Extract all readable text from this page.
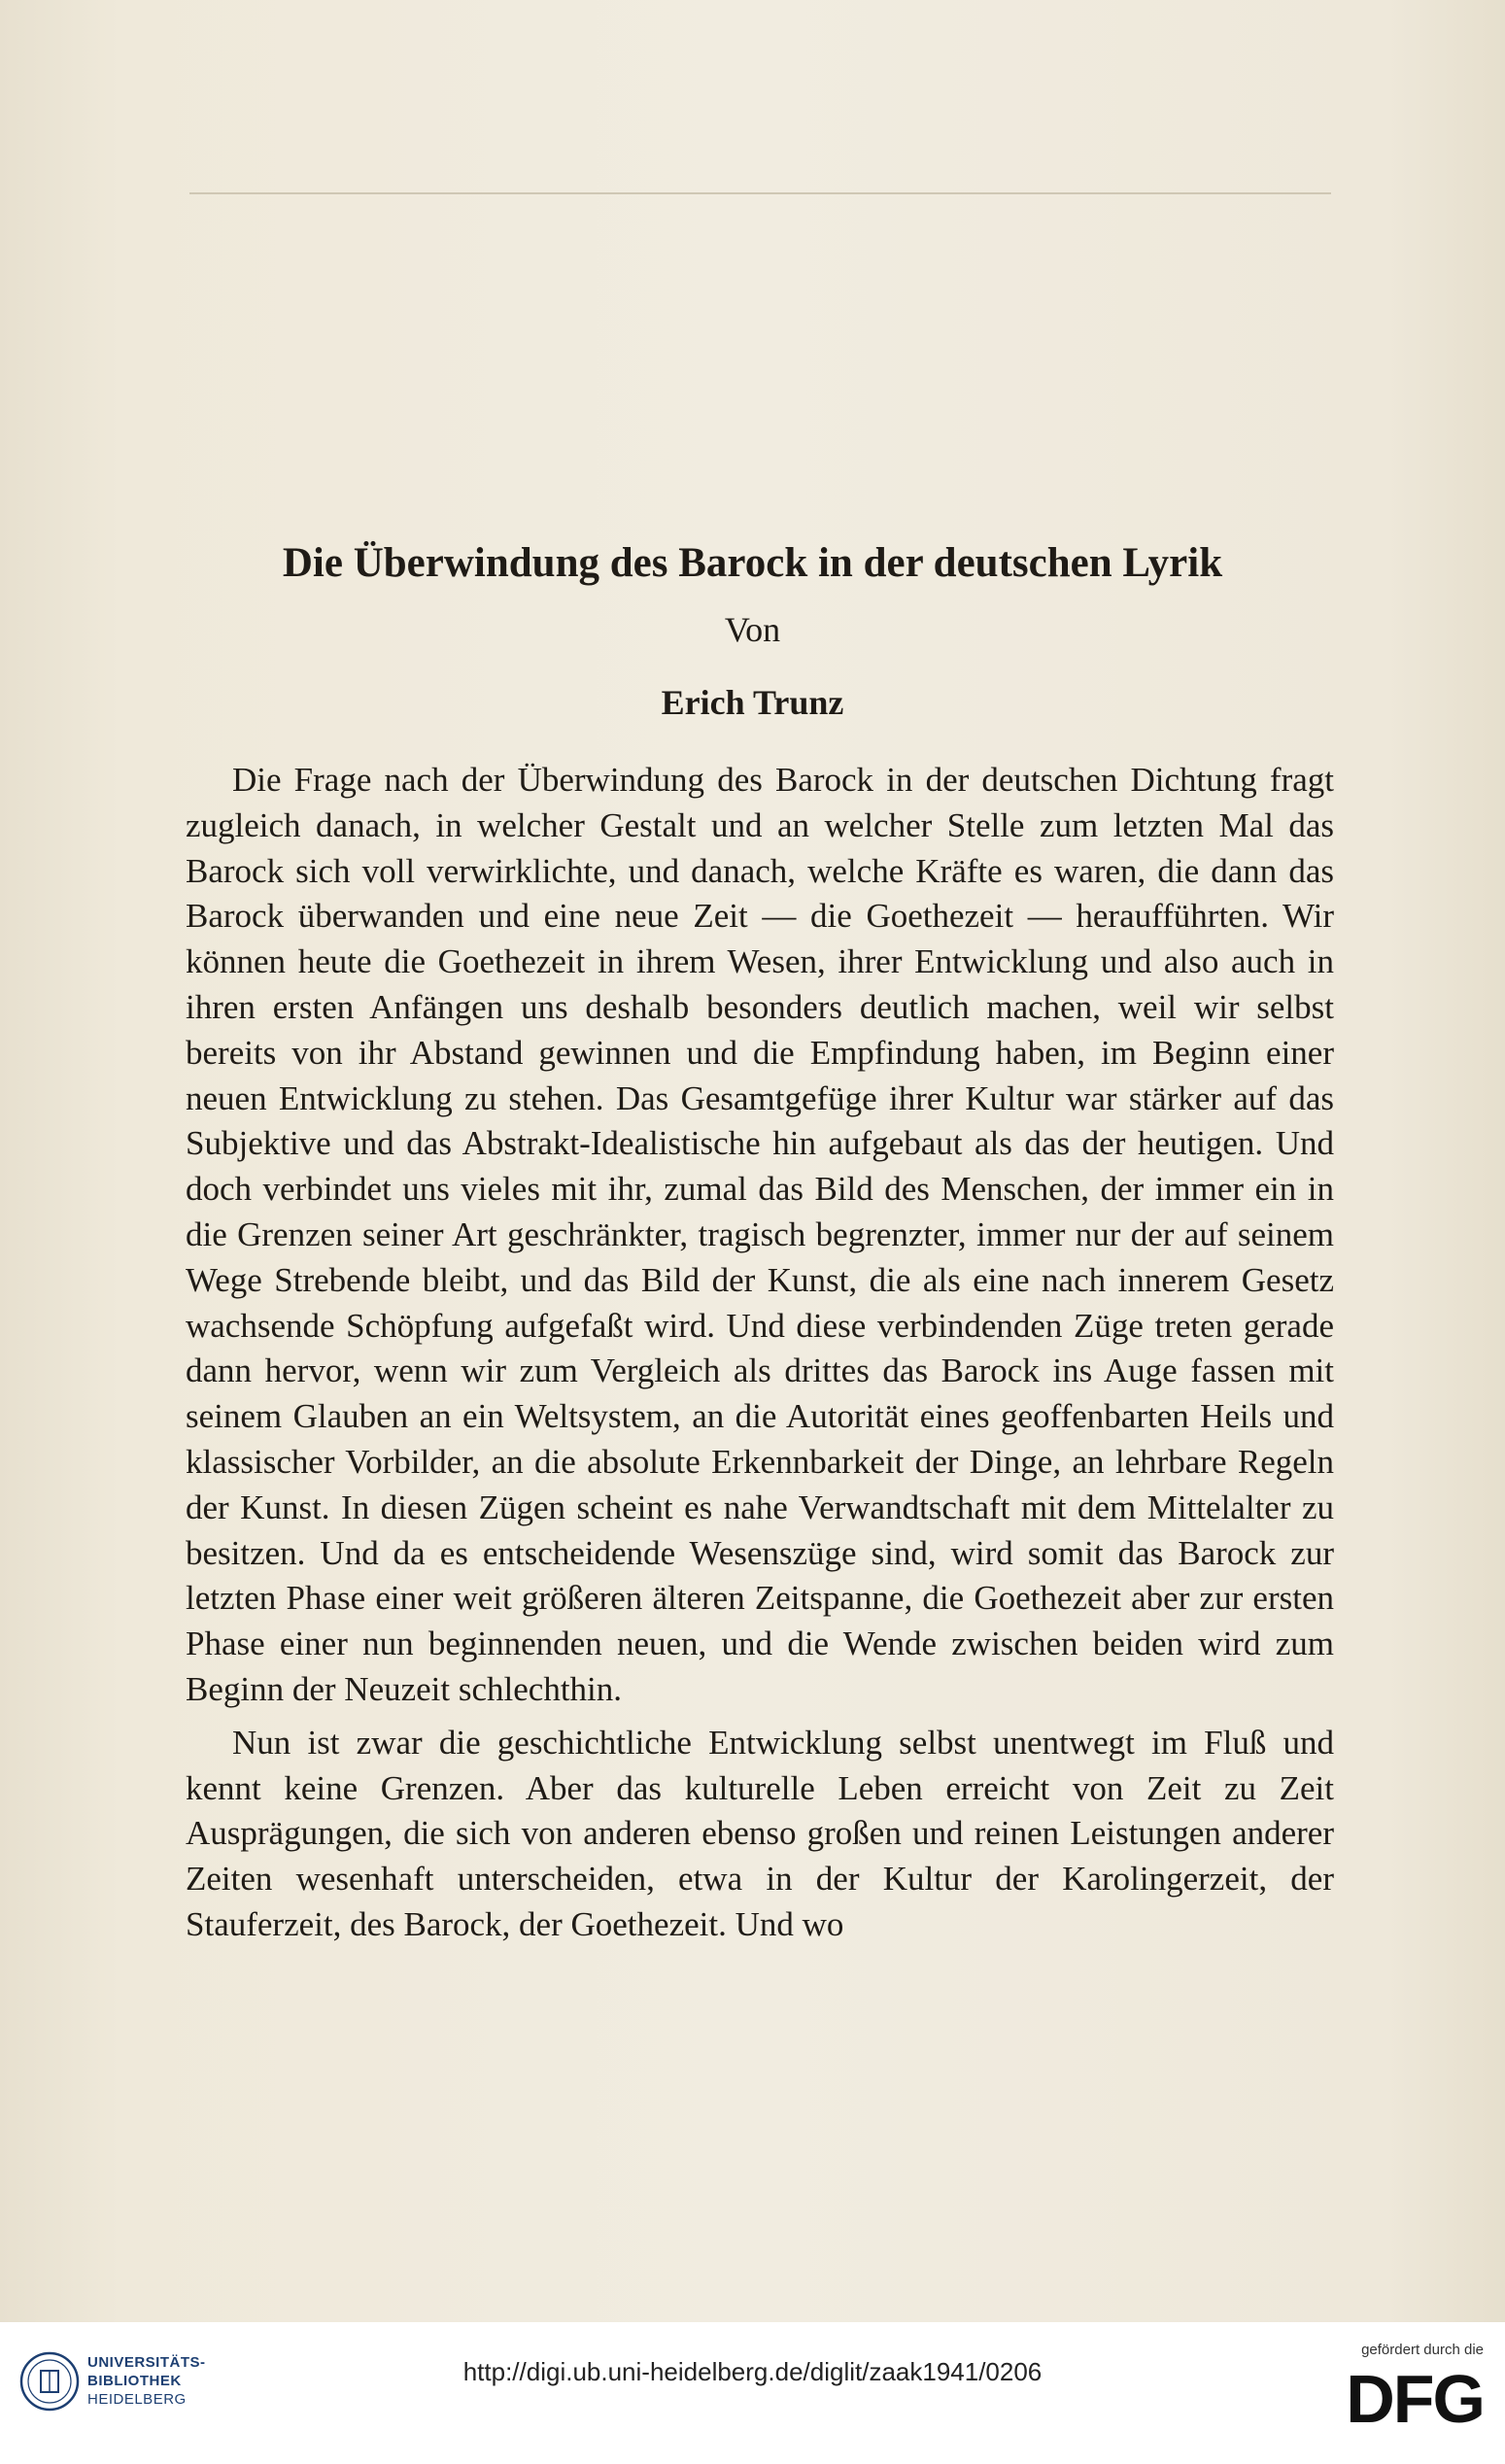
Die Überwindung des Barock in der deutschen Lyrik
Von
Erich Trunz

Die Frage nach der Überwindung des Barock in der deutschen Dichtung fragt zugleich danach, in welcher Gestalt und an welcher Stelle zum letzten Mal das Barock sich voll verwirklichte, und danach, welche Kräfte es waren, die dann das Barock überwanden und eine neue Zeit — die Goethezeit — heraufführten. Wir können heute die Goethezeit in ihrem Wesen, ihrer Entwicklung und also auch in ihren ersten Anfängen uns deshalb besonders deutlich machen, weil wir selbst bereits von ihr Abstand gewinnen und die Empfindung haben, im Beginn einer neuen Entwicklung zu stehen. Das Gesamtgefüge ihrer Kultur war stärker auf das Subjektive und das Abstrakt-Idealistische hin aufgebaut als das der heutigen. Und doch verbindet uns vieles mit ihr, zumal das Bild des Menschen, der immer ein in die Grenzen seiner Art geschränkter, tragisch begrenzter, immer nur der auf seinem Wege Strebende bleibt, und das Bild der Kunst, die als eine nach innerem Gesetz wachsende Schöpfung aufgefaßt wird. Und diese verbindenden Züge treten gerade dann hervor, wenn wir zum Vergleich als drittes das Barock ins Auge fassen mit seinem Glauben an ein Weltsystem, an die Autorität eines geoffenbarten Heils und klassischer Vorbilder, an die absolute Erkennbarkeit der Dinge, an lehrbare Regeln der Kunst. In diesen Zügen scheint es nahe Verwandtschaft mit dem Mittelalter zu besitzen. Und da es entscheidende Wesenszüge sind, wird somit das Barock zur letzten Phase einer weit größeren älteren Zeitspanne, die Goethezeit aber zur ersten Phase einer nun beginnenden neuen, und die Wende zwischen beiden wird zum Beginn der Neuzeit schlechthin.

Nun ist zwar die geschichtliche Entwicklung selbst unentwegt im Fluß und kennt keine Grenzen. Aber das kulturelle Leben erreicht von Zeit zu Zeit Ausprägungen, die sich von anderen ebenso großen und reinen Leistungen anderer Zeiten wesenhaft unterscheiden, etwa in der Kultur der Karolingerzeit, der Stauferzeit, des Barock, der Goethezeit. Und wo

UNIVERSITÄTS-
BIBLIOTHEK
HEIDELBERG
http://digi.ub.uni-heidelberg.de/diglit/zaak1941/0206
gefördert durch die
DFG
